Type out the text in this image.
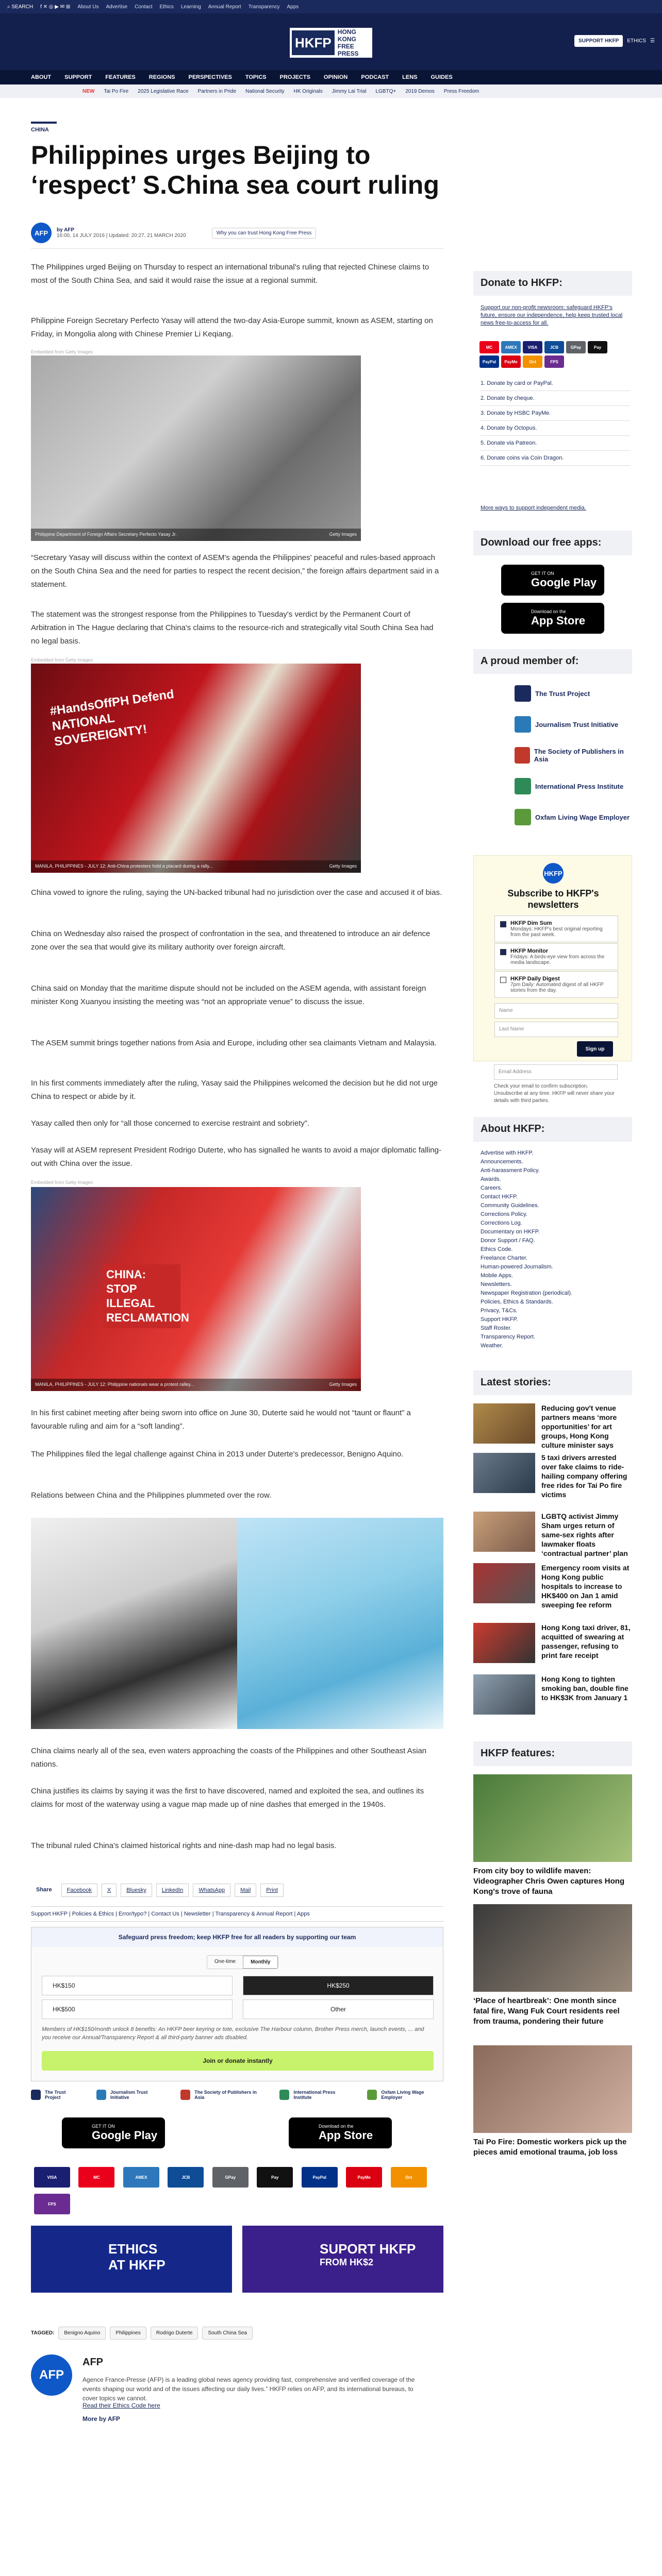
⌕ SEARCH f ✕ ◎ ▶ ✉ ⊞ About Us Advertise Contact Ethics Learning Annual Report Transparency Apps
HKFP
HONG KONG
FREE PRESS
SUPPORT HKFP	ETHICS ☰
ABOUT SUPPORT FEATURES REGIONS PERSPECTIVES TOPICS PROJECTS OPINION PODCAST LENS GUIDES
NEW Tai Po Fire 2025 Legislative Race Partners in Pride National Security HK Originals Jimmy Lai Trial LGBTQ+ 2019 Demos Press Freedom
CHINA
Philippines urges Beijing to ‘respect’ S.China sea court ruling
AFP	by AFP
16:00, 14 JULY 2016 | Updated: 20:27, 21 MARCH 2020	Why you can trust Hong Kong Free Press

The Philippines urged Beijing on Thursday to respect an international tribunal's ruling that rejected Chinese claims to most of the South China Sea, and said it would raise the issue at a regional summit.

Philippine Foreign Secretary Perfecto Yasay will attend the two-day Asia-Europe summit, known as ASEM, starting on Friday, in Mongolia along with Chinese Premier Li Keqiang.

Embedded from Getty Images
Philippine Department of Foreign Affairs Secretary Perfecto Yasay Jr.	Getty Images

“Secretary Yasay will discuss within the context of ASEM's agenda the Philippines' peaceful and rules-based approach on the South China Sea and the need for parties to respect the recent decision,” the foreign affairs department said in a statement.

The statement was the strongest response from the Philippines to Tuesday's verdict by the Permanent Court of Arbitration in The Hague declaring that China's claims to the resource-rich and strategically vital South China Sea had no legal basis.

Embedded from Getty Images
#HandsOffPH Defend NATIONAL SOVEREIGNTY!
MANILA, PHILIPPINES - JULY 12: Anti-China protesters hold a placard during a rally...	Getty Images

China vowed to ignore the ruling, saying the UN-backed tribunal had no jurisdiction over the case and accused it of bias.

China on Wednesday also raised the prospect of confrontation in the sea, and threatened to introduce an air defence zone over the sea that would give its military authority over foreign aircraft.

China said on Monday that the maritime dispute should not be included on the ASEM agenda, with assistant foreign minister Kong Xuanyou insisting the meeting was “not an appropriate venue” to discuss the issue.

The ASEM summit brings together nations from Asia and Europe, including other sea claimants Vietnam and Malaysia.

In his first comments immediately after the ruling, Yasay said the Philippines welcomed the decision but he did not urge China to respect or abide by it.

Yasay called then only for “all those concerned to exercise restraint and sobriety”.

Yasay will at ASEM represent President Rodrigo Duterte, who has signalled he wants to avoid a major diplomatic falling-out with China over the issue.

Embedded from Getty Images
CHINA: STOP ILLEGAL RECLAMATION
MANILA, PHILIPPINES - JULY 12: Philippine nationals wear a protest ralley...	Getty Images

In his first cabinet meeting after being sworn into office on June 30, Duterte said he would not “taunt or flaunt” a favourable ruling and aim for a “soft landing”.

The Philippines filed the legal challenge against China in 2013 under Duterte's predecessor, Benigno Aquino.

Relations between China and the Philippines plummeted over the row.

China claims nearly all of the sea, even waters approaching the coasts of the Philippines and other Southeast Asian nations.

China justifies its claims by saying it was the first to have discovered, named and exploited the sea, and outlines its claims for most of the waterway using a vague map made up of nine dashes that emerged in the 1940s.

The tribunal ruled China's claimed historical rights and nine-dash map had no legal basis.

Share	Facebook	X	Bluesky	LinkedIn	WhatsApp	Mail	Print
Support HKFP | Policies & Ethics | Error/typo? | Contact Us | Newsletter | Transparency & Annual Report | Apps
Safeguard press freedom; keep HKFP free for all readers by supporting our team
One-time	Monthly
HK$150	HK$250
HK$500	Other
Members of HK$150/month unlock 8 benefits: An HKFP beer keyring or tote, exclusive The Harbour column, Brother Press merch, launch events, ... and you receive our Annual/Transparency Report & all third-party banner ads disabled.
Join or donate instantly
The Trust Project
Journalism Trust Initiative
The Society of Publishers in Asia
International Press Institute
Oxfam Living Wage Employer
GET IT ON
Google Play
Download on the
App Store
VISA	MC	AMEX	JCB	GPay	Pay	PayPal	PayMe	Oct FPS
ETHICS
AT HKFP
SUPORT HKFP
FROM HK$2
TAGGED:	Benigno Aquino	Philippines	Rodrigo Duterte	South China Sea
AFP
AFP
Agence France-Presse (AFP) is a leading global news agency providing fast, comprehensive and verified coverage of the events shaping our world and of the issues affecting our daily lives.” HKFP relies on AFP, and its international bureaus, to cover topics we cannot.
Read their Ethics Code here
More by AFP
Donate to HKFP:
Support our non-profit newsroom: safeguard HKFP's future, ensure our independence, help keep trusted local news free-to-access for all.
MC	AMEX	VISA	JCB	GPay	PayPayPal PayMe	Oct	FPS
1. Donate by card or PayPal.
2. Donate by cheque.
3. Donate by HSBC PayMe.
4. Donate by Octopus.
5. Donate via Patreon.
6. Donate coins via Coin Dragon.
More ways to support independent media.
Download our free apps:
GET IT ON
Google Play
Download on the
App Store
A proud member of:
The Trust Project
Journalism Trust Initiative
The Society of Publishers in Asia
International Press Institute
Oxfam Living Wage Employer
HKFP
Subscribe to HKFP's newsletters
HKFP Dim Sum
Mondays: HKFP's best original reporting from the past week.
HKFP Monitor
Fridays: A birds-eye view from across the media landscape.
HKFP Daily Digest
7pm Daily: Automated digest of all HKFP stories from the day.
Name
Last Name
Sign up
Email Address
Check your email to confirm subscription. Unsubscribe at any time. HKFP will never share your details with third parties.
About HKFP:
Advertise with HKFP.
Announcements.
Anti-harassment Policy.
Awards.
Careers.
Contact HKFP.
Community Guidelines.
Corrections Policy.
Corrections Log.
Documentary on HKFP.
Donor Support / FAQ.
Ethics Code.
Freelance Charter.
Human-powered Journalism.
Mobile Apps.
Newsletters.
Newspaper Registration (periodical).
Policies, Ethics & Standards.
Privacy, T&Cs.
Support HKFP.
Staff Roster.
Transparency Report.
Weather.
Latest stories:
Reducing gov't venue partners means ‘more opportunities’ for art groups, Hong Kong culture minister says
5 taxi drivers arrested over fake claims to ride-hailing company offering free rides for Tai Po fire victims
LGBTQ activist Jimmy Sham urges return of same-sex rights after lawmaker floats ‘contractual partner’ plan
Emergency room visits at Hong Kong public hospitals to increase to HK$400 on Jan 1 amid sweeping fee reform
Hong Kong taxi driver, 81, acquitted of swearing at passenger, refusing to print fare receipt
Hong Kong to tighten smoking ban, double fine to HK$3K from January 1
HKFP features:
From city boy to wildlife maven: Videographer Chris Owen captures Hong Kong's trove of fauna
‘Place of heartbreak’: One month since fatal fire, Wang Fuk Court residents reel from trauma, pondering their future
Tai Po Fire: Domestic workers pick up the pieces amid emotional trauma, job loss
